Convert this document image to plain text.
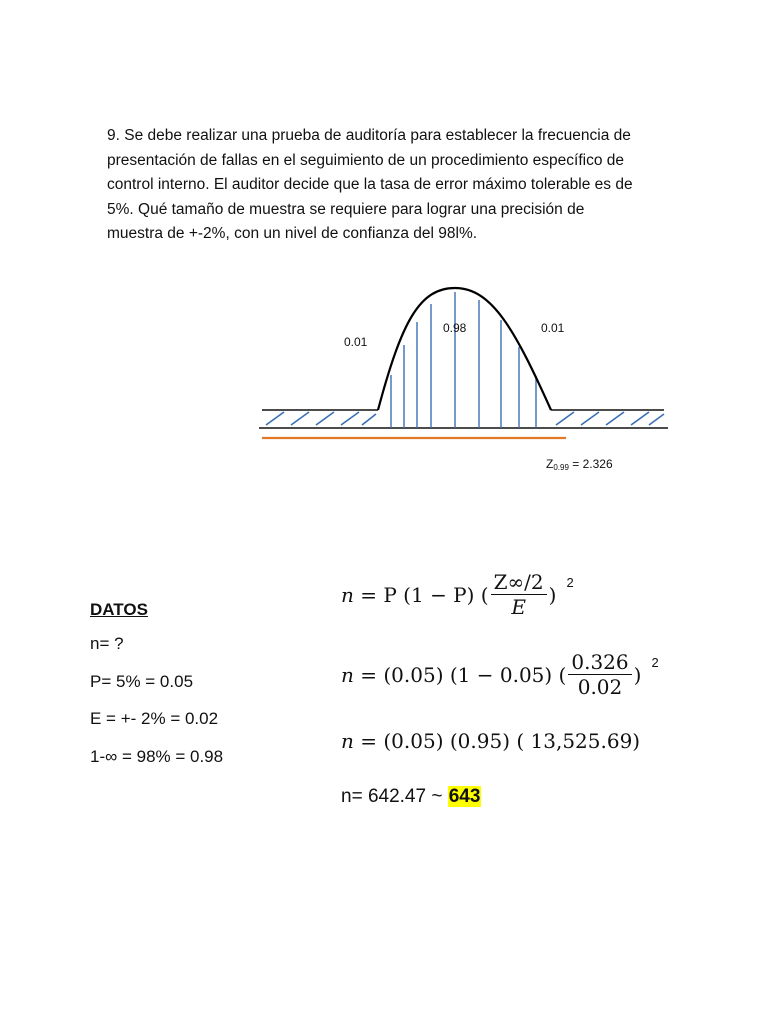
9. Se debe realizar una prueba de auditoría para establecer la frecuencia de
presentación de fallas en el seguimiento de un procedimiento específico de
control interno. El auditor decide que la tasa de error máximo tolerable es de
5%. Qué tamaño de muestra se requiere para lograr una precisión de
muestra de +-2%, con un nivel de confianza del 98l%.

0.01
0.98	0.01
$Z_{0.99} = 2.326$
DATOS
n= ?
P= 5% = 0.05
E = +- 2% = 0.02
1-∞ = 98% = 0.98
n = P (1 − P) ( $\frac{Z\infty/2}{E}$ ) 2
n = (0.05) (1 − 0.05) ( $\frac{0.326}{0.02}$ ) 2
n = (0.05) (0.95) ( 13,525.69)
n= 642.47 ~ 643
